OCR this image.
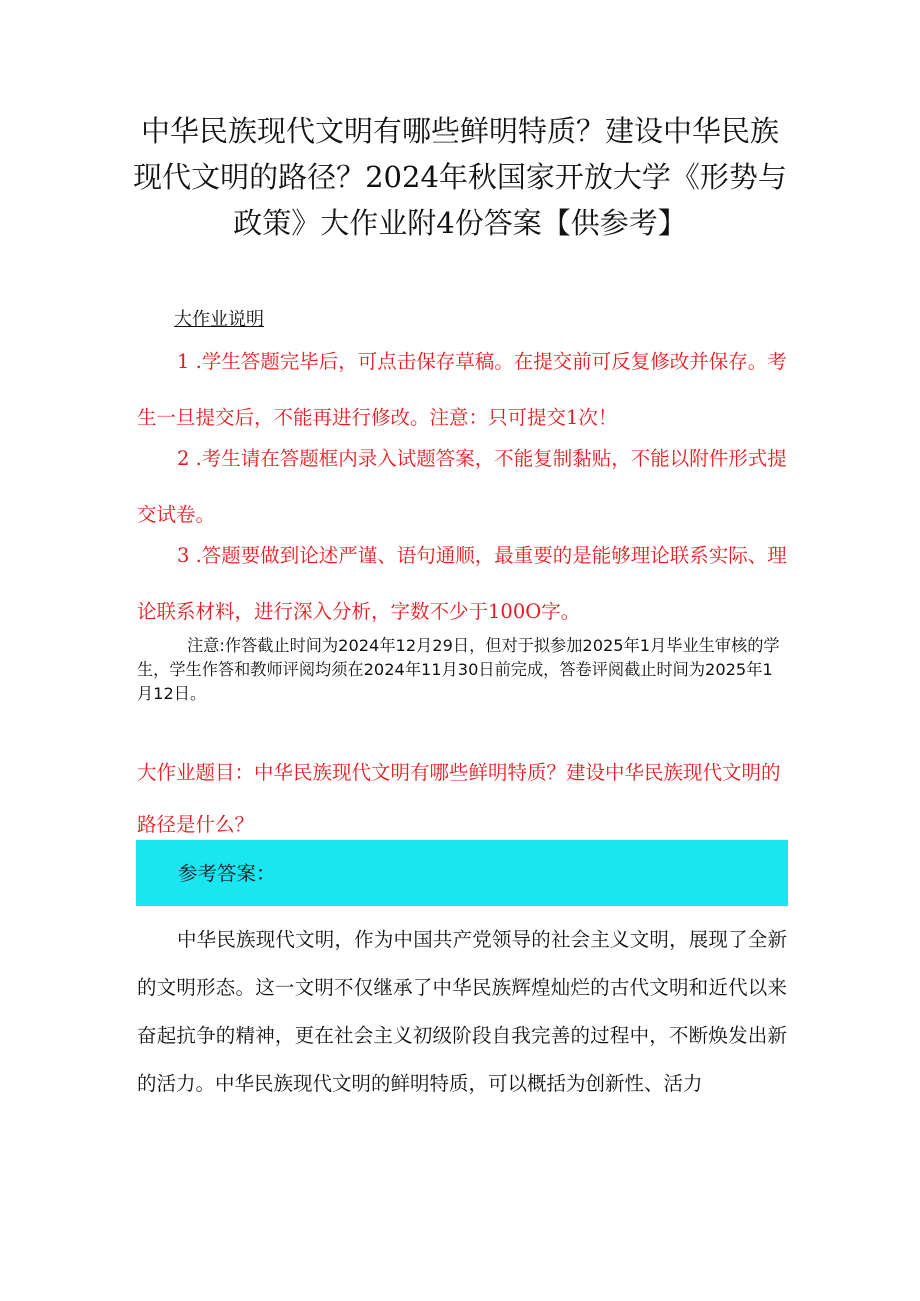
中华民族现代文明有哪些鲜明特质？建设中华民族现代文明的路径？2024年秋国家开放大学《形势与政策》大作业附4份答案【供参考】

大作业说明

1 .学生答题完毕后，可点击保存草稿。在提交前可反复修改并保存。考生一旦提交后，不能再进行修改。注意：只可提交1次！

2 .考生请在答题框内录入试题答案，不能复制黏贴，不能以附件形式提交试卷。

3 .答题要做到论述严谨、语句通顺，最重要的是能够理论联系实际、理论联系材料，进行深入分析，字数不少于100O字。

注意:作答截止时间为2024年12月29日，但对于拟参加2025年1月毕业生审核的学生，学生作答和教师评阅均须在2024年11月30日前完成，答卷评阅截止时间为2025年1月12日。

大作业题目：中华民族现代文明有哪些鲜明特质？建设中华民族现代文明的路径是什么？

参考答案：

中华民族现代文明，作为中国共产党领导的社会主义文明，展现了全新的文明形态。这一文明不仅继承了中华民族辉煌灿烂的古代文明和近代以来奋起抗争的精神，更在社会主义初级阶段自我完善的过程中，不断焕发出新的活力。中华民族现代文明的鲜明特质，可以概括为创新性、活力
